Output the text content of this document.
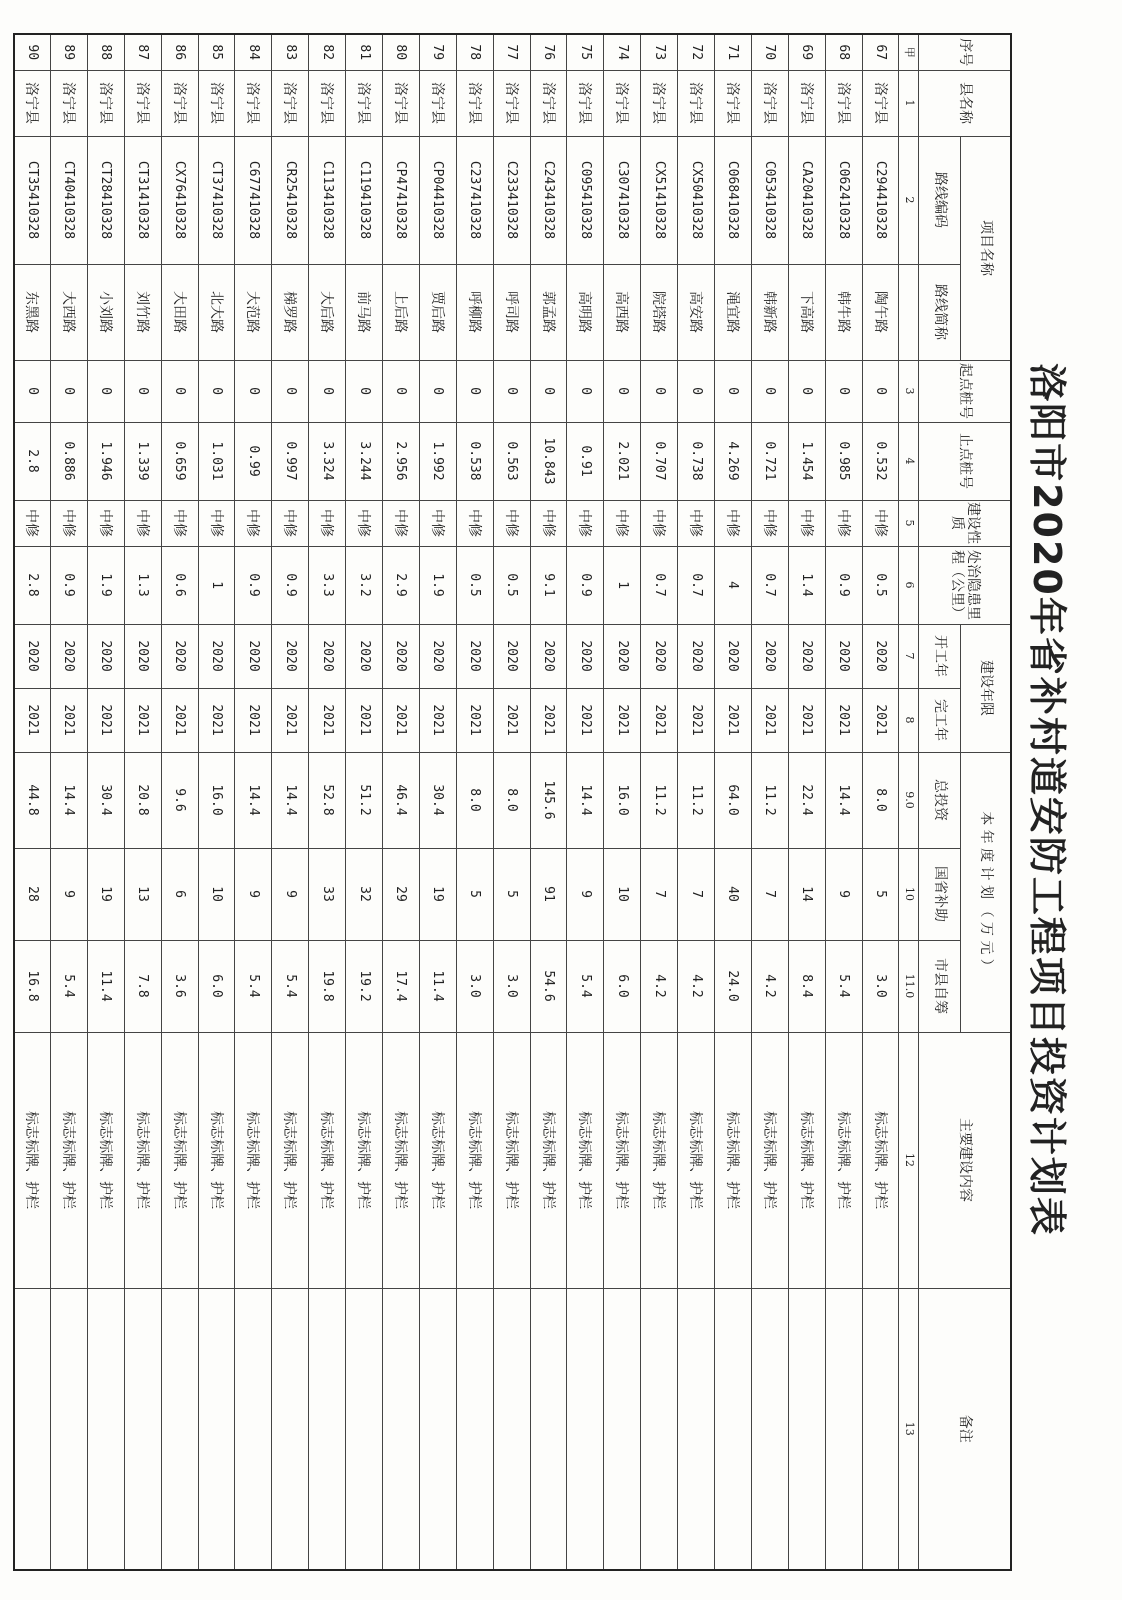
洛阳市2020年省补村道安防工程项目投资计划表
序号	县名称	项目名称		起点桩号	止点桩号	建设性质	处治隐患里程（公里）	建设年限		本 年 度 计 划 （ 万 元 ）			主要建设内容	备注
		路线编码	路线简称					开工年	完工年	总投资	国省补助	市县自筹		
甲	1	2		3	4	5	6	7	8	9.0	10	11.0	12	13
67	洛宁县	C294410328	陶午路	0	0.532	中修	0.5	2020	2021	8.0	5	3.0	标志标牌、护栏	
68	洛宁县	C062410328	韩牛路	0	0.985	中修	0.9	2020	2021	14.4	9	5.4	标志标牌、护栏	
69	洛宁县	CA20410328	下高路	0	1.454	中修	1.4	2020	2021	22.4	14	8.4	标志标牌、护栏	
70	洛宁县	C053410328	韩新路	0	0.721	中修	0.7	2020	2021	11.2	7	4.2	标志标牌、护栏	
71	洛宁县	C068410328	渑宜路	0	4.269	中修	4	2020	2021	64.0	40	24.0	标志标牌、护栏	
72	洛宁县	CX50410328	高安路	0	0.738	中修	0.7	2020	2021	11.2	7	4.2	标志标牌、护栏	
73	洛宁县	CX51410328	院塔路	0	0.707	中修	0.7	2020	2021	11.2	7	4.2	标志标牌、护栏	
74	洛宁县	C307410328	高西路	0	2.021	中修	1	2020	2021	16.0	10	6.0	标志标牌、护栏	
75	洛宁县	C095410328	高明路	0	0.91	中修	0.9	2020	2021	14.4	9	5.4	标志标牌、护栏	
76	洛宁县	C243410328	郭孟路	0	10.843	中修	9.1	2020	2021	145.6	91	54.6	标志标牌、护栏	
77	洛宁县	C233410328	呼司路	0	0.563	中修	0.5	2020	2021	8.0	5	3.0	标志标牌、护栏	
78	洛宁县	C237410328	呼柳路	0	0.538	中修	0.5	2020	2021	8.0	5	3.0	标志标牌、护栏	
79	洛宁县	CP04410328	贾后路	0	1.992	中修	1.9	2020	2021	30.4	19	11.4	标志标牌、护栏	
80	洛宁县	CP47410328	上后路	0	2.956	中修	2.9	2020	2021	46.4	29	17.4	标志标牌、护栏	
81	洛宁县	C119410328	前马路	0	3.244	中修	3.2	2020	2021	51.2	32	19.2	标志标牌、护栏	
82	洛宁县	C113410328	大后路	0	3.324	中修	3.3	2020	2021	52.8	33	19.8	标志标牌、护栏	
83	洛宁县	CR25410328	梯罗路	0	0.997	中修	0.9	2020	2021	14.4	9	5.4	标志标牌、护栏	
84	洛宁县	C677410328	大范路	0	0.99	中修	0.9	2020	2021	14.4	9	5.4	标志标牌、护栏	
85	洛宁县	CT37410328	北大路	0	1.031	中修	1	2020	2021	16.0	10	6.0	标志标牌、护栏	
86	洛宁县	CX76410328	大田路	0	0.659	中修	0.6	2020	2021	9.6	6	3.6	标志标牌、护栏	
87	洛宁县	CT31410328	刘竹路	0	1.339	中修	1.3	2020	2021	20.8	13	7.8	标志标牌、护栏	
88	洛宁县	CT28410328	小刘路	0	1.946	中修	1.9	2020	2021	30.4	19	11.4	标志标牌、护栏	
89	洛宁县	CT40410328	大西路	0	0.886	中修	0.9	2020	2021	14.4	9	5.4	标志标牌、护栏	
90	洛宁县	CT35410328	东黑路	0	2.8	中修	2.8	2020	2021	44.8	28	16.8	标志标牌、护栏	
